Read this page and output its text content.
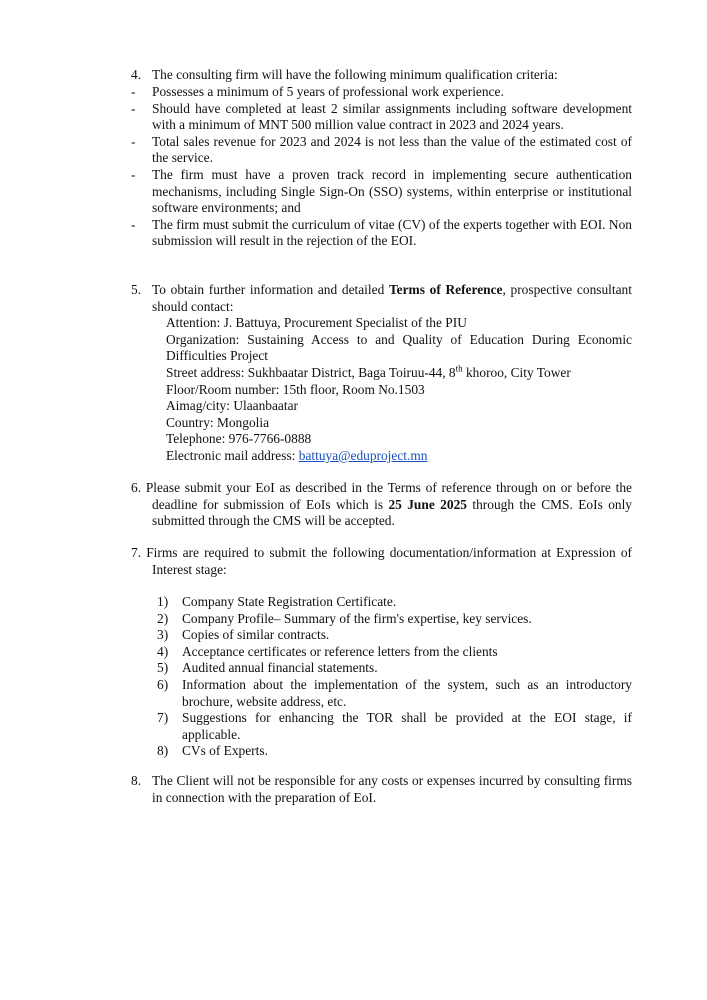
4. The consulting firm will have the following minimum qualification criteria:
- Possesses a minimum of 5 years of professional work experience.
- Should have completed at least 2 similar assignments including software development with a minimum of MNT 500 million value contract in 2023 and 2024 years.
- Total sales revenue for 2023 and 2024 is not less than the value of the estimated cost of the service.
- The firm must have a proven track record in implementing secure authentication mechanisms, including Single Sign-On (SSO) systems, within enterprise or institutional software environments; and
- The firm must submit the curriculum of vitae (CV) of the experts together with EOI. Non submission will result in the rejection of the EOI.
5. To obtain further information and detailed Terms of Reference, prospective consultant should contact:
Attention: J. Battuya, Procurement Specialist of the PIU
Organization: Sustaining Access to and Quality of Education During Economic Difficulties Project
Street address: Sukhbaatar District, Baga Toiruu-44, 8th khoroo, City Tower
Floor/Room number: 15th floor, Room No.1503
Aimag/city: Ulaanbaatar
Country: Mongolia
Telephone: 976-7766-0888
Electronic mail address: battuya@eduproject.mn
6. Please submit your EoI as described in the Terms of reference through on or before the deadline for submission of EoIs which is 25 June 2025 through the CMS. EoIs only submitted through the CMS will be accepted.
7. Firms are required to submit the following documentation/information at Expression of Interest stage:
1) Company State Registration Certificate.
2) Company Profile– Summary of the firm's expertise, key services.
3) Copies of similar contracts.
4) Acceptance certificates or reference letters from the clients
5) Audited annual financial statements.
6) Information about the implementation of the system, such as an introductory brochure, website address, etc.
7) Suggestions for enhancing the TOR shall be provided at the EOI stage, if applicable.
8) CVs of Experts.
8. The Client will not be responsible for any costs or expenses incurred by consulting firms in connection with the preparation of EoI.
